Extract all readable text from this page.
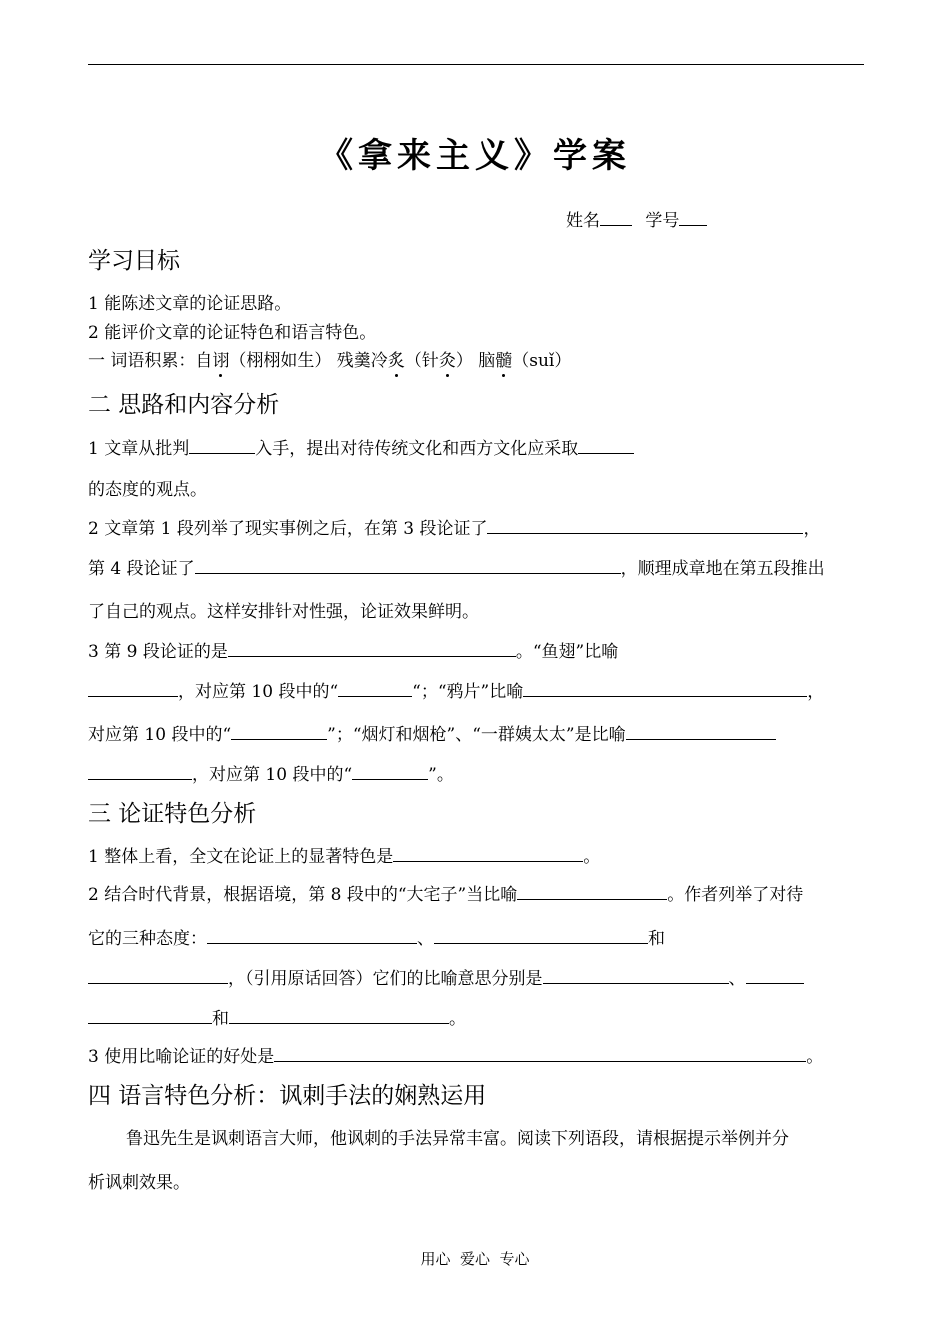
《拿来主义》学案
姓名	学号
学习目标
1 能陈述文章的论证思路。
2 能评价文章的论证特色和语言特色。
一 词语积累：自诩（栩栩如生） 残羹冷炙（针灸） 脑髓（suǐ）
二 思路和内容分析
1 文章从批判	入手，提出对待传统文化和西方文化应采取
的态度的观点。
2 文章第 1 段列举了现实事例之后，在第 3 段论证了	，
第 4 段论证了	，顺理成章地在第五段推出
了自己的观点。这样安排针对性强，论证效果鲜明。
3 第 9 段论证的是	。“鱼翅”比喻
，对应第 10 段中的“	“；“鸦片”比喻	，
对应第 10 段中的“	”；“烟灯和烟枪”、“一群姨太太”是比喻
，对应第 10 段中的“	”。
三 论证特色分析
1 整体上看，全文在论证上的显著特色是	。
2 结合时代背景，根据语境，第 8 段中的“大宅子”当比喻	。作者列举了对待
它的三种态度：	、	和
，（引用原话回答）它们的比喻意思分别是	、
和	。
3 使用比喻论证的好处是	。
四 语言特色分析：讽刺手法的娴熟运用
鲁迅先生是讽刺语言大师，他讽刺的手法异常丰富。阅读下列语段，请根据提示举例并分
析讽刺效果。
用心  爱心  专心
